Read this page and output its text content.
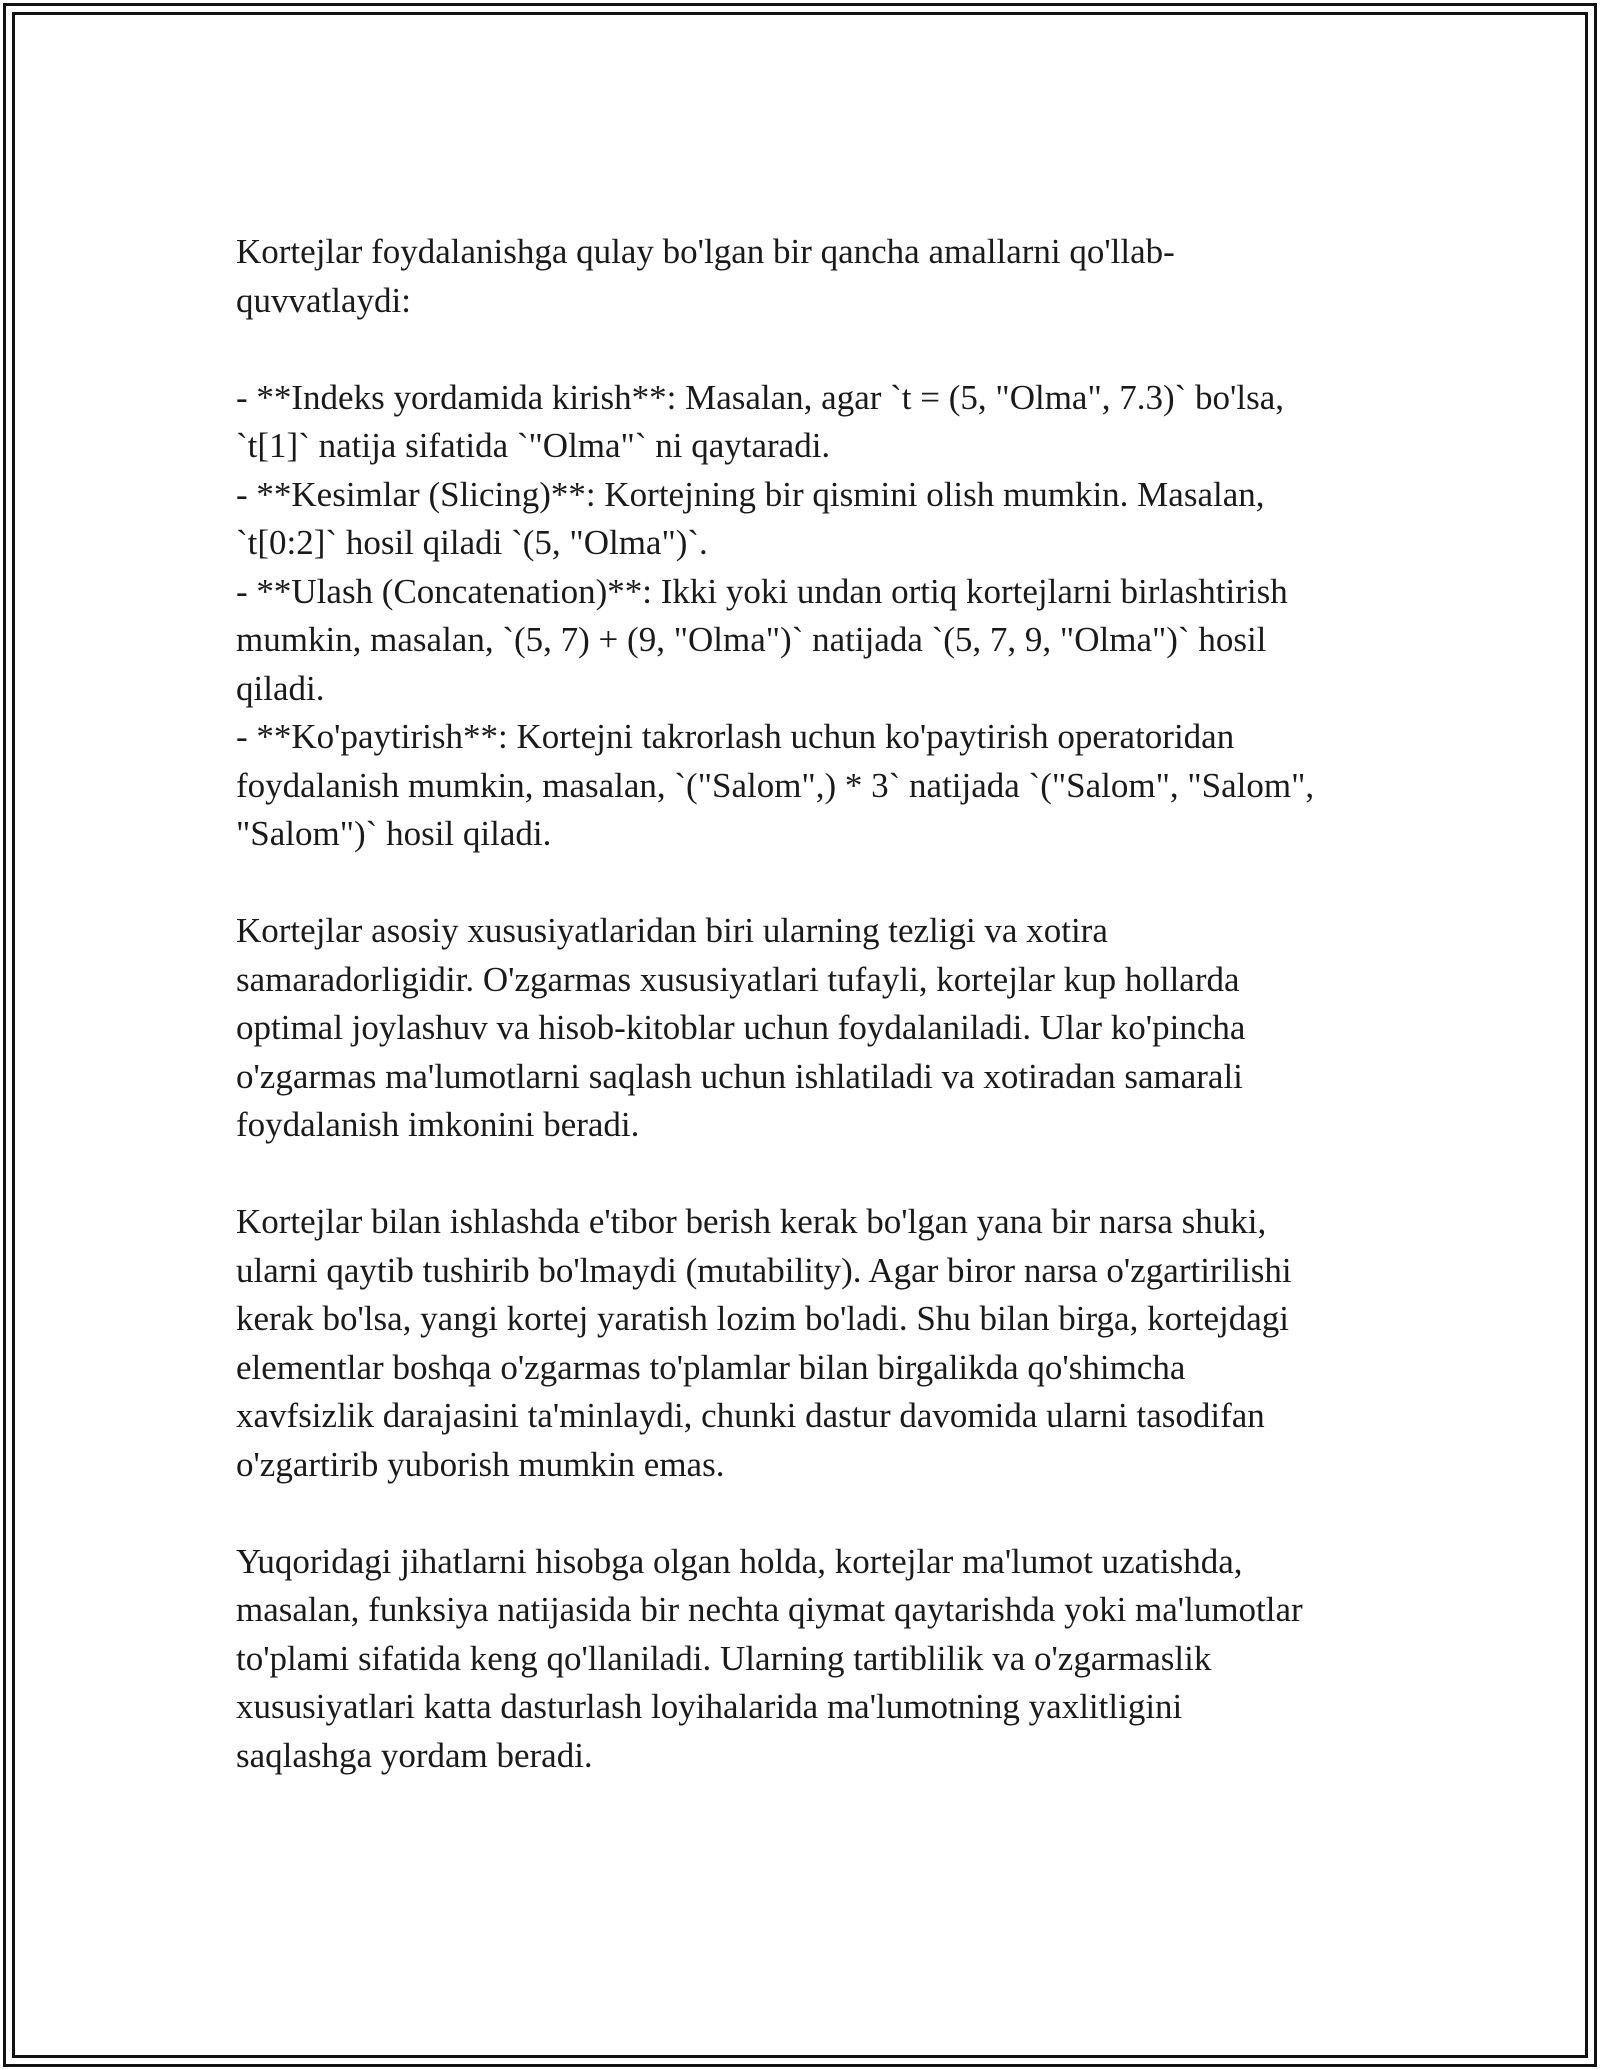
Kortejlar foydalanishga qulay bo'lgan bir qancha amallarni qo'llab-
quvvatlaydi:

- **Indeks yordamida kirish**: Masalan, agar `t = (5, "Olma", 7.3)` bo'lsa,
`t[1]` natija sifatida `"Olma"` ni qaytaradi.

- **Kesimlar (Slicing)**: Kortejning bir qismini olish mumkin. Masalan,
`t[0:2]` hosil qiladi `(5, "Olma")`.

- **Ulash (Concatenation)**: Ikki yoki undan ortiq kortejlarni birlashtirish
mumkin, masalan, `(5, 7) + (9, "Olma")` natijada `(5, 7, 9, "Olma")` hosil
qiladi.

- **Ko'paytirish**: Kortejni takrorlash uchun ko'paytirish operatoridan
foydalanish mumkin, masalan, `("Salom",) * 3` natijada `("Salom", "Salom",
"Salom")` hosil qiladi.

Kortejlar asosiy xususiyatlaridan biri ularning tezligi va xotira
samaradorligidir. O'zgarmas xususiyatlari tufayli, kortejlar kup hollarda
optimal joylashuv va hisob-kitoblar uchun foydalaniladi. Ular ko'pincha
o'zgarmas ma'lumotlarni saqlash uchun ishlatiladi va xotiradan samarali
foydalanish imkonini beradi.

Kortejlar bilan ishlashda e'tibor berish kerak bo'lgan yana bir narsa shuki,
ularni qaytib tushirib bo'lmaydi (mutability). Agar biror narsa o'zgartirilishi
kerak bo'lsa, yangi kortej yaratish lozim bo'ladi. Shu bilan birga, kortejdagi
elementlar boshqa o'zgarmas to'plamlar bilan birgalikda qo'shimcha
xavfsizlik darajasini ta'minlaydi, chunki dastur davomida ularni tasodifan
o'zgartirib yuborish mumkin emas.

Yuqoridagi jihatlarni hisobga olgan holda, kortejlar ma'lumot uzatishda,
masalan, funksiya natijasida bir nechta qiymat qaytarishda yoki ma'lumotlar
to'plami sifatida keng qo'llaniladi. Ularning tartiblilik va o'zgarmaslik
xususiyatlari katta dasturlash loyihalarida ma'lumotning yaxlitligini
saqlashga yordam beradi.
